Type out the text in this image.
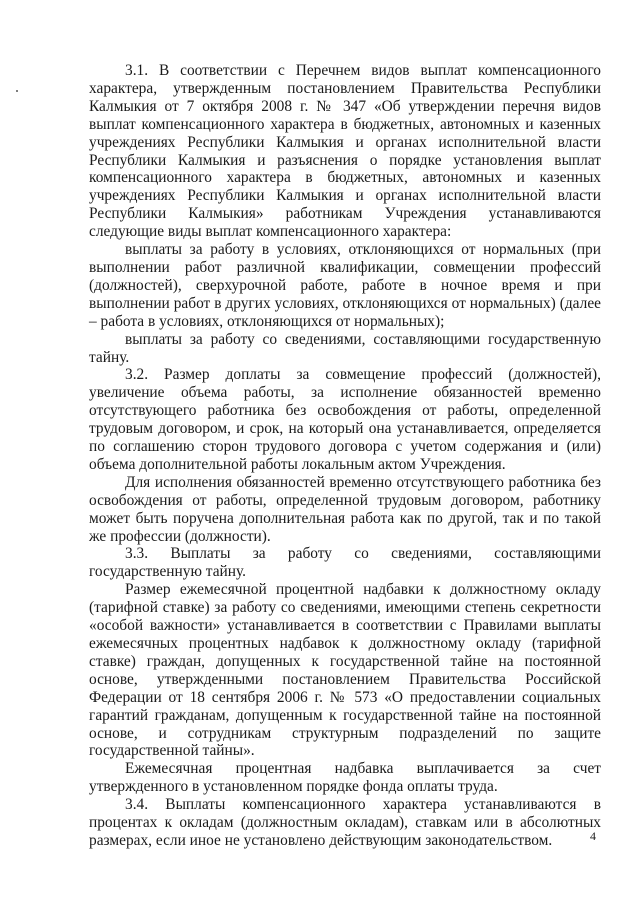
3.1. В соответствии с Перечнем видов выплат компенсационного характера, утвержденным постановлением Правительства Республики Калмыкия от 7 октября 2008 г. № 347 «Об утверждении перечня видов выплат компенсационного характера в бюджетных, автономных и казенных учреждениях Республики Калмыкия и органах исполнительной власти Республики Калмыкия и разъяснения о порядке установления выплат компенсационного характера в бюджетных, автономных и казенных учреждениях Республики Калмыкия и органах исполнительной власти Республики Калмыкия» работникам Учреждения устанавливаются следующие виды выплат компенсационного характера:

выплаты за работу в условиях, отклоняющихся от нормальных (при выполнении работ различной квалификации, совмещении профессий (должностей), сверхурочной работе, работе в ночное время и при выполнении работ в других условиях, отклоняющихся от нормальных) (далее – работа в условиях, отклоняющихся от нормальных);

выплаты за работу со сведениями, составляющими государственную тайну.

3.2. Размер доплаты за совмещение профессий (должностей), увеличение объема работы, за исполнение обязанностей временно отсутствующего работника без освобождения от работы, определенной трудовым договором, и срок, на который она устанавливается, определяется по соглашению сторон трудового договора с учетом содержания и (или) объема дополнительной работы локальным актом Учреждения.

Для исполнения обязанностей временно отсутствующего работника без освобождения от работы, определенной трудовым договором, работнику может быть поручена дополнительная работа как по другой, так и по такой же профессии (должности).

3.3. Выплаты за работу со сведениями, составляющими государственную тайну.

Размер ежемесячной процентной надбавки к должностному окладу (тарифной ставке) за работу со сведениями, имеющими степень секретности «особой важности» устанавливается в соответствии с Правилами выплаты ежемесячных процентных надбавок к должностному окладу (тарифной ставке) граждан, допущенных к государственной тайне на постоянной основе, утвержденными постановлением Правительства Российской Федерации от 18 сентября 2006 г. № 573 «О предоставлении социальных гарантий гражданам, допущенным к государственной тайне на постоянной основе, и сотрудникам структурным подразделений по защите государственной тайны».

Ежемесячная процентная надбавка выплачивается за счет утвержденного в установленном порядке фонда оплаты труда.

3.4. Выплаты компенсационного характера устанавливаются в процентах к окладам (должностным окладам), ставкам или в абсолютных размерах, если иное не установлено действующим законодательством.	4
